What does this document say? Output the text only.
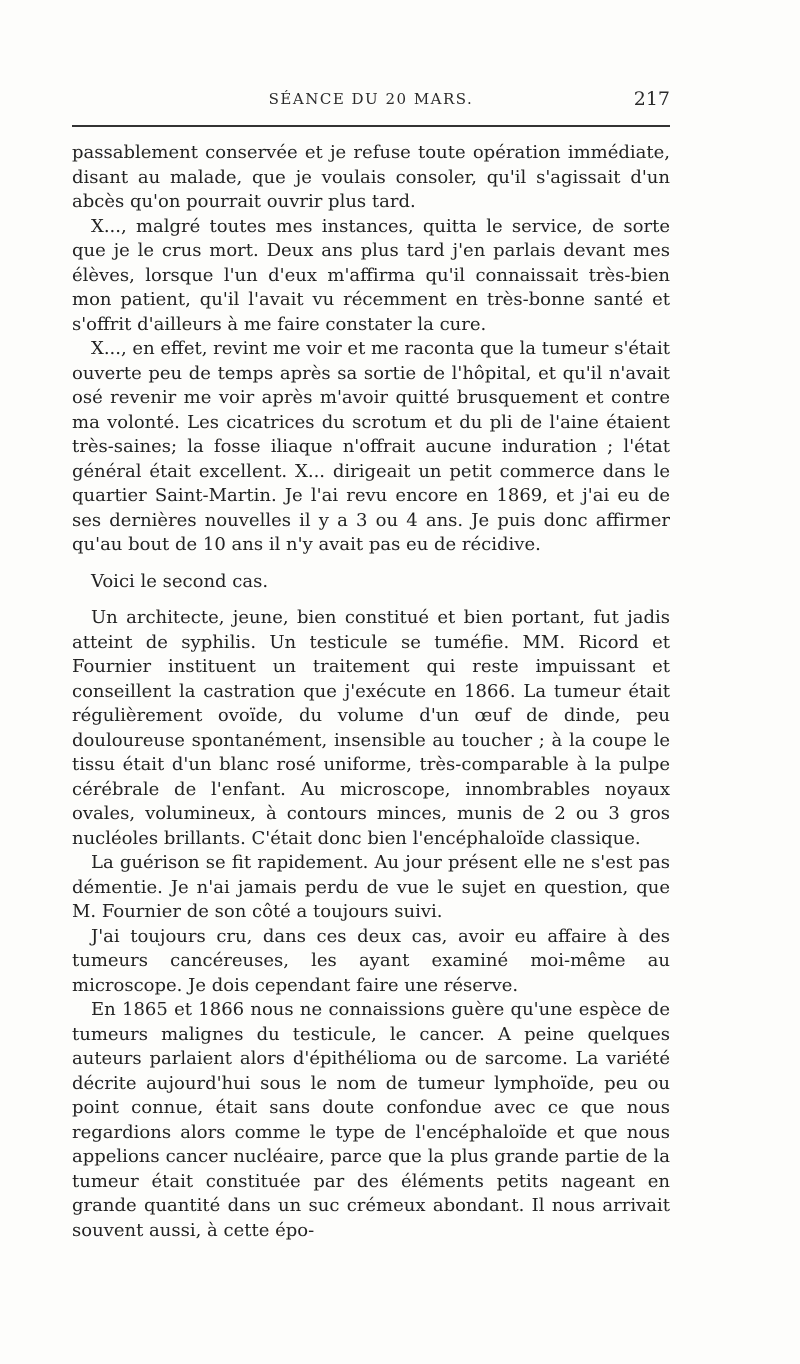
SÉANCE DU 20 MARS.	217

passablement conservée et je refuse toute opération immédiate, disant au malade, que je voulais consoler, qu'il s'agissait d'un abcès qu'on pourrait ouvrir plus tard.

X..., malgré toutes mes instances, quitta le service, de sorte que je le crus mort. Deux ans plus tard j'en parlais devant mes élèves, lorsque l'un d'eux m'affirma qu'il connaissait très-bien mon patient, qu'il l'avait vu récemment en très-bonne santé et s'offrit d'ailleurs à me faire constater la cure.

X..., en effet, revint me voir et me raconta que la tumeur s'était ouverte peu de temps après sa sortie de l'hôpital, et qu'il n'avait osé revenir me voir après m'avoir quitté brusquement et contre ma volonté. Les cicatrices du scrotum et du pli de l'aine étaient très-saines; la fosse iliaque n'offrait aucune induration ; l'état général était excellent. X... dirigeait un petit commerce dans le quartier Saint-Martin. Je l'ai revu encore en 1869, et j'ai eu de ses dernières nouvelles il y a 3 ou 4 ans. Je puis donc affirmer qu'au bout de 10 ans il n'y avait pas eu de récidive.

Voici le second cas.

Un architecte, jeune, bien constitué et bien portant, fut jadis atteint de syphilis. Un testicule se tuméfie. MM. Ricord et Fournier instituent un traitement qui reste impuissant et conseillent la castration que j'exécute en 1866. La tumeur était régulièrement ovoïde, du volume d'un œuf de dinde, peu douloureuse spontanément, insensible au toucher ; à la coupe le tissu était d'un blanc rosé uniforme, très-comparable à la pulpe cérébrale de l'enfant. Au microscope, innombrables noyaux ovales, volumineux, à contours minces, munis de 2 ou 3 gros nucléoles brillants. C'était donc bien l'encéphaloïde classique.

La guérison se fit rapidement. Au jour présent elle ne s'est pas démentie. Je n'ai jamais perdu de vue le sujet en question, que M. Fournier de son côté a toujours suivi.

J'ai toujours cru, dans ces deux cas, avoir eu affaire à des tumeurs cancéreuses, les ayant examiné moi-même au microscope. Je dois cependant faire une réserve.

En 1865 et 1866 nous ne connaissions guère qu'une espèce de tumeurs malignes du testicule, le cancer. A peine quelques auteurs parlaient alors d'épithélioma ou de sarcome. La variété décrite aujourd'hui sous le nom de tumeur lymphoïde, peu ou point connue, était sans doute confondue avec ce que nous regardions alors comme le type de l'encéphaloïde et que nous appelions cancer nucléaire, parce que la plus grande partie de la tumeur était constituée par des éléments petits nageant en grande quantité dans un suc crémeux abondant. Il nous arrivait souvent aussi, à cette épo-
